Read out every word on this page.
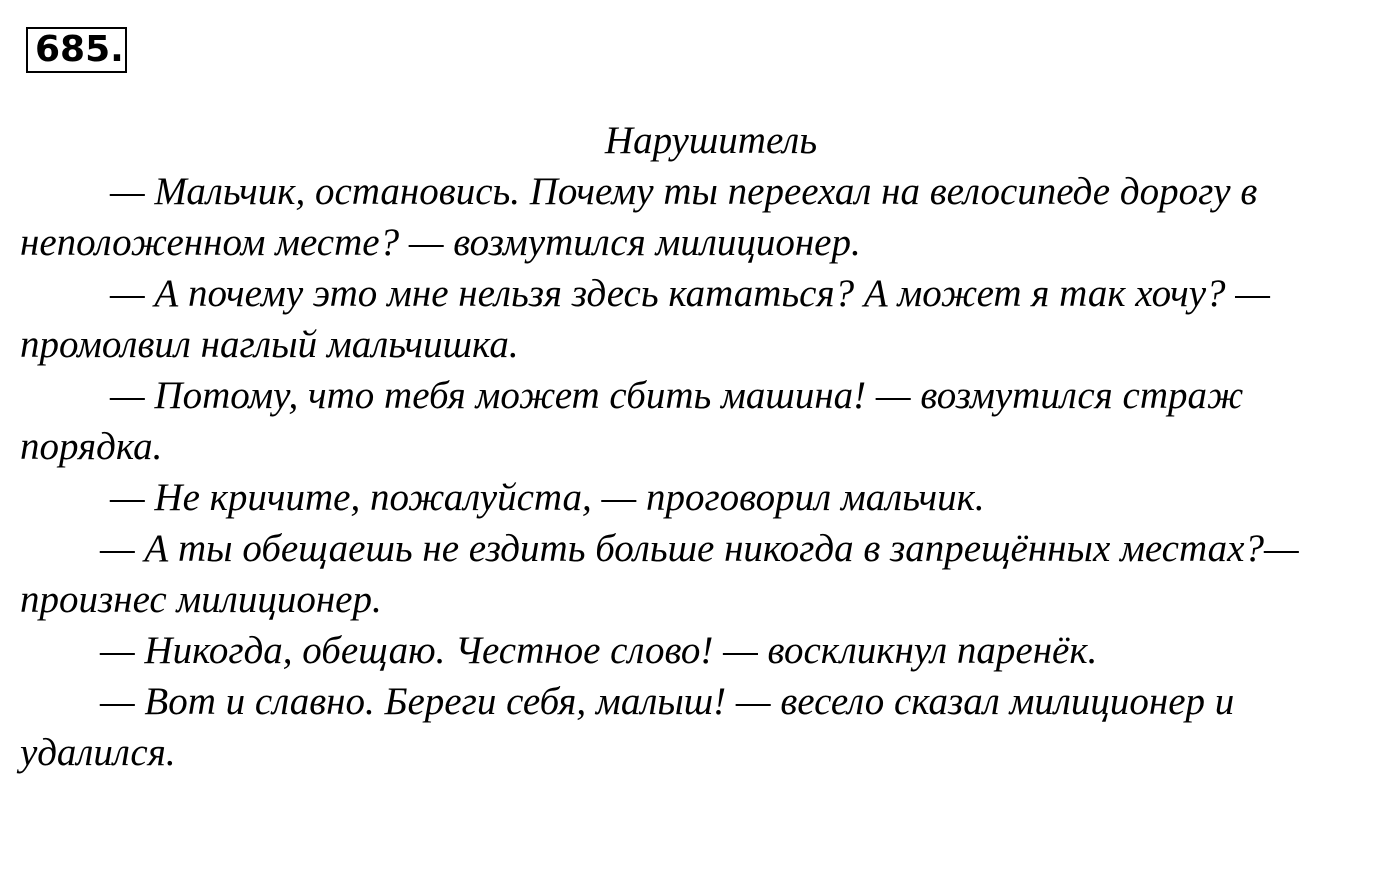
685.
Нарушитель
— Мальчик, остановись. Почему ты переехал на велосипеде дорогу в
неположенном месте? — возмутился милиционер.
— А почему это мне нельзя здесь кататься? А может я так хочу? —
промолвил наглый мальчишка.
— Потому, что тебя может сбить машина! — возмутился страж
порядка.
— Не кричите, пожалуйста, — проговорил мальчик.
— А ты обещаешь не ездить больше никогда в запрещённых местах?—
произнес милиционер.
— Никогда, обещаю. Честное слово! — воскликнул паренёк.
— Вот и славно. Береги себя, малыш! — весело сказал милиционер и
удалился.
